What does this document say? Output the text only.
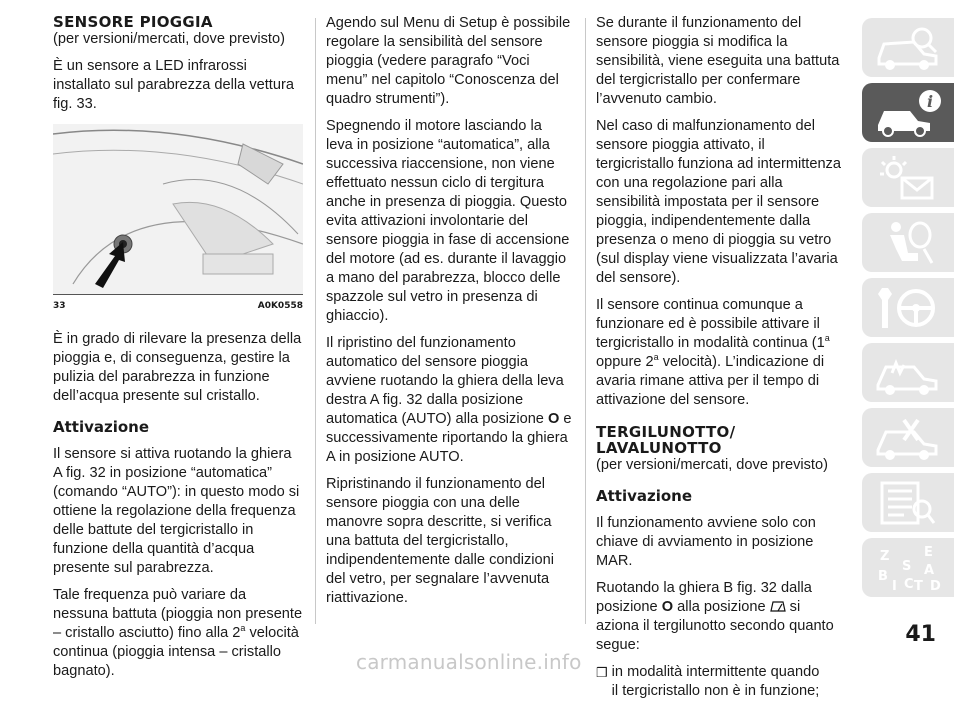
SENSORE PIOGGIA

(per versioni/mercati, dove previsto)

È un sensore a LED infrarossi installato sul parabrezza della vettura fig. 33.

33	A0K0558

È in grado di rilevare la presenza della pioggia e, di conseguenza, gestire la pulizia del parabrezza in funzione dell’acqua presente sul cristallo.

Attivazione

Il sensore si attiva ruotando la ghiera A fig. 32 in posizione “automatica” (comando “AUTO”): in questo modo si ottiene la regolazione della frequenza delle battute del tergicristallo in funzione della quantità d’acqua presente sul parabrezza.

Tale frequenza può variare da nessuna battuta (pioggia non presente – cristallo asciutto) fino alla 2$^a$ velocità continua (pioggia intensa – cristallo bagnato).

Agendo sul Menu di Setup è possibile regolare la sensibilità del sensore pioggia (vedere paragrafo “Voci menu” nel capitolo “Conoscenza del quadro strumenti”).

Spegnendo il motore lasciando la leva in posizione “automatica”, alla successiva riaccensione, non viene effettuato nessun ciclo di tergitura anche in presenza di pioggia. Questo evita attivazioni involontarie del sensore pioggia in fase di accensione del motore (ad es. durante il lavaggio a mano del parabrezza, blocco delle spazzole sul vetro in presenza di ghiaccio).

Il ripristino del funzionamento automatico del sensore pioggia avviene ruotando la ghiera della leva destra A fig. 32 dalla posizione automatica (AUTO) alla posizione O e successivamente riportando la ghiera A in posizione AUTO.

Ripristinando il funzionamento del sensore pioggia con una delle manovre sopra descritte, si verifica una battuta del tergicristallo, indipendentemente dalle condizioni del vetro, per segnalare l’avvenuta riattivazione.

Se durante il funzionamento del sensore pioggia si modifica la sensibilità, viene eseguita una battuta del tergicristallo per confermare l’avvenuto cambio.

Nel caso di malfunzionamento del sensore pioggia attivato, il tergicristallo funziona ad intermittenza con una regolazione pari alla sensibilità impostata per il sensore pioggia, indipendentemente dalla presenza o meno di pioggia su vetro (sul display viene visualizzata l’avaria del sensore).

Il sensore continua comunque a funzionare ed è possibile attivare il tergicristallo in modalità continua (1$^a$ oppure 2$^a$ velocità). L’indicazione di avaria rimane attiva per il tempo di attivazione del sensore.

TERGILUNOTTO/
LAVALUNOTTO

(per versioni/mercati, dove previsto)

Attivazione

Il funzionamento avviene solo con chiave di avviamento in posizione MAR.

Ruotando la ghiera B fig. 32 dalla posizione O alla posizione  si aziona il tergilunotto secondo quanto segue:

❒ in modalità intermittente quando
il tergicristallo non è in funzione;
i
Z	E
S A
B
D
I C T
41
carmanualsonline.info
